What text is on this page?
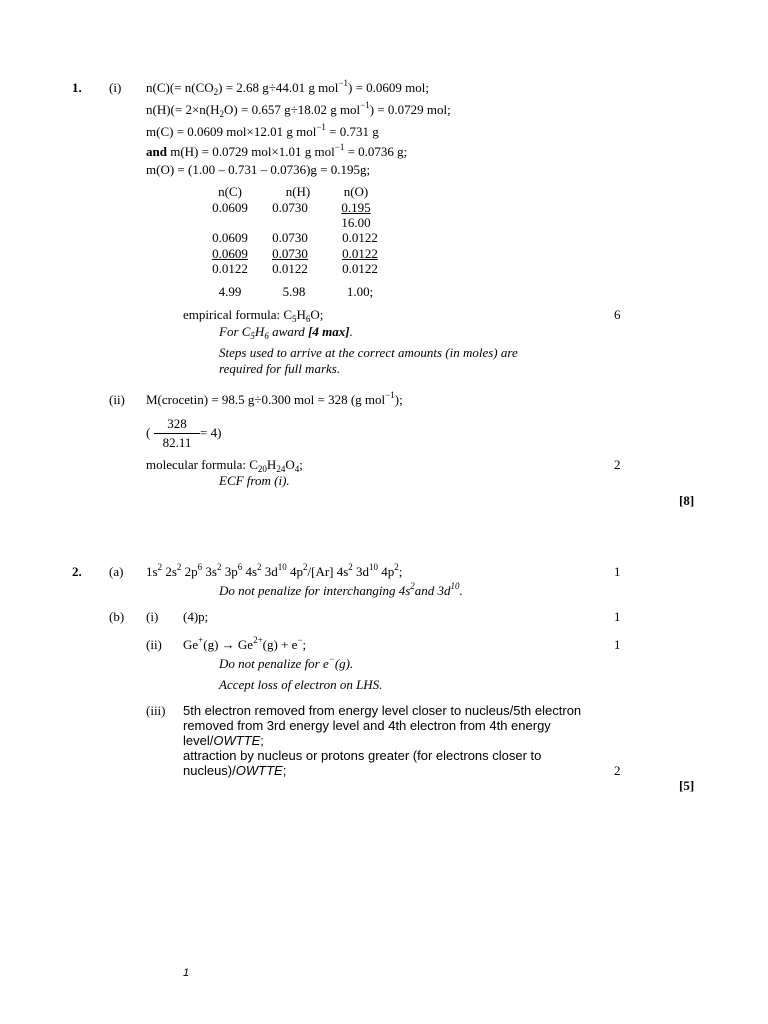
1. (i) $n(C)(= n(CO_2) = 2.68$ g÷44.01 g mol$^{-1}$) = 0.0609 mol;
$n(H)(= 2\times n(H_2O) = 0.657$ g÷18.02 g mol$^{-1}$) = 0.0729 mol;
m(C) = 0.0609 mol×12.01 g mol$^{-1}$ = 0.731 g
and m(H) = 0.0729 mol×1.01 g mol$^{-1}$ = 0.0736 g;
m(O) = (1.00 – 0.731 – 0.0736)g = 0.195g;
n(C)	n(H)	n(O)
0.0609	0.0730	0.195
16.00
0.0609	0.0730	0.0122
0.0609	0.0730	0.0122
0.0122	0.0122	0.0122
4.99	5.98	1.00;
empirical formula: $C_5H_6O$;	6
For $C_5H_6$ award [4 max].
Steps used to arrive at the correct amounts (in moles) are
required for full marks.
(ii) M(crocetin) = 98.5 g÷0.300 mol = 328 (g mol$^{-1}$);
(
328
82.11
= 4)
molecular formula: $C_{20}H_{24}O_4$;	2
ECF from (i).
[8]
2. (a) $1s^2$ $2s^2$ $2p^6$ $3s^2$ $3p^6$ $4s^2$ $3d^{10}$ $4p^2/[Ar]$ $4s^2$ $3d^{10}$ $4p^2$;	1
Do not penalize for interchanging $4s^2and$ $3d^{10}$.
(b) (i) (4)p;	1
(ii) $Ge^+(g) \to Ge^{2+}(g) + e^-$;	1
Do not penalize for e−(g).
Accept loss of electron on LHS.
(iii) 5th electron removed from energy level closer to nucleus/5th electron
removed from 3rd energy level and 4th electron from 4th energy
level/OWTTE;
attraction by nucleus or protons greater (for electrons closer to
nucleus)/OWTTE;	2
[5]
1
